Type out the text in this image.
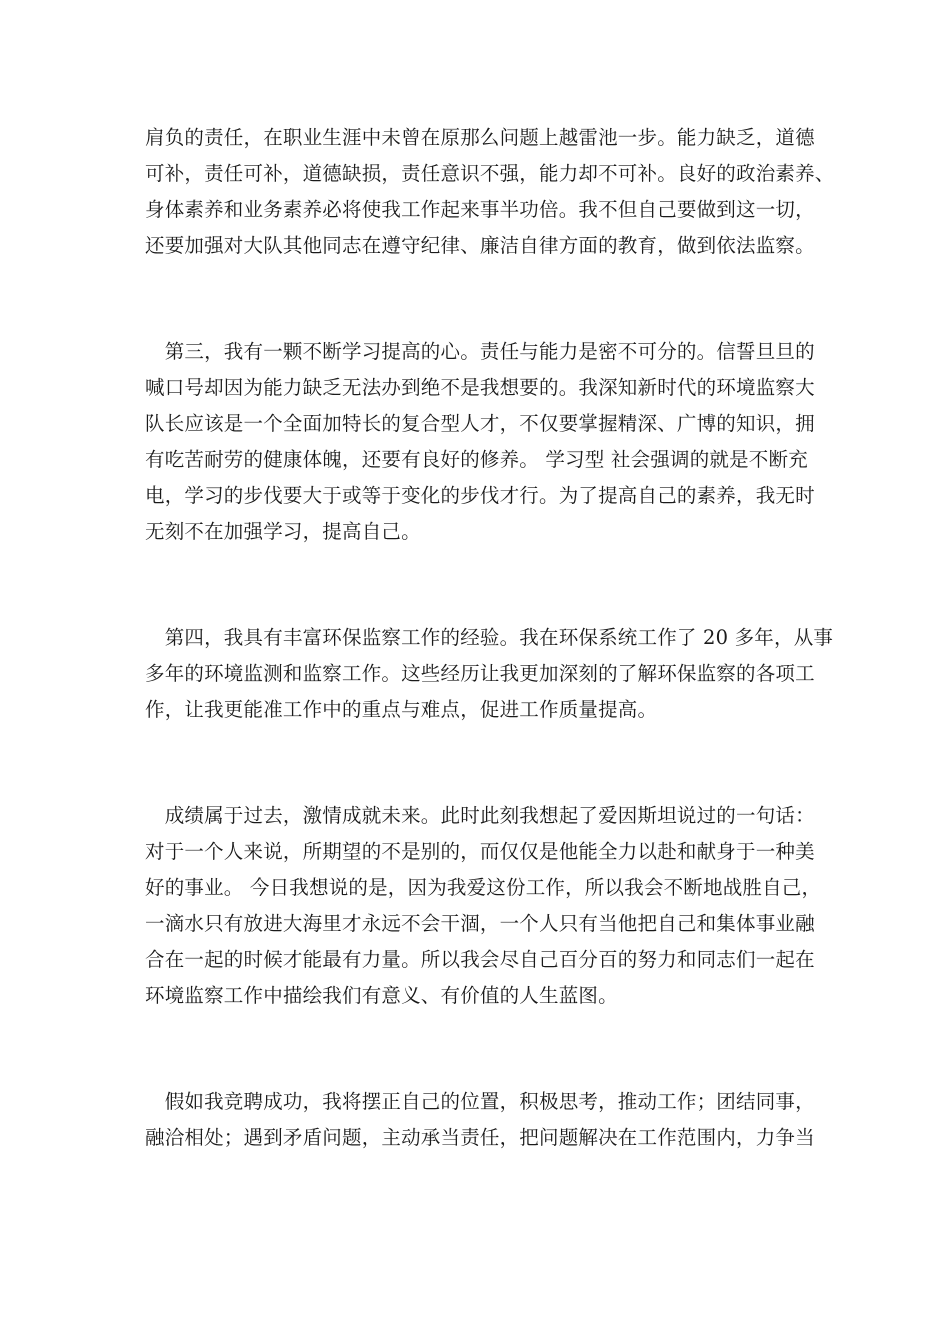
肩负的责任，在职业生涯中未曾在原那么问题上越雷池一步。能力缺乏，道德
可补，责任可补，道德缺损，责任意识不强，能力却不可补。良好的政治素养、
身体素养和业务素养必将使我工作起来事半功倍。我不但自己要做到这一切，
还要加强对大队其他同志在遵守纪律、廉洁自律方面的教育，做到依法监察。
　第三，我有一颗不断学习提高的心。责任与能力是密不可分的。信誓旦旦的
喊口号却因为能力缺乏无法办到绝不是我想要的。我深知新时代的环境监察大
队长应该是一个全面加特长的复合型人才，不仅要掌握精深、广博的知识，拥
有吃苦耐劳的健康体魄，还要有良好的修养。 学习型 社会强调的就是不断充
电，学习的步伐要大于或等于变化的步伐才行。为了提高自己的素养，我无时
无刻不在加强学习，提高自己。
　第四，我具有丰富环保监察工作的经验。我在环保系统工作了 20 多年，从事
多年的环境监测和监察工作。这些经历让我更加深刻的了解环保监察的各项工
作，让我更能准工作中的重点与难点，促进工作质量提高。
　成绩属于过去，激情成就未来。此时此刻我想起了爱因斯坦说过的一句话：
对于一个人来说，所期望的不是别的，而仅仅是他能全力以赴和献身于一种美
好的事业。 今日我想说的是，因为我爱这份工作，所以我会不断地战胜自己，
一滴水只有放进大海里才永远不会干涸，一个人只有当他把自己和集体事业融
合在一起的时候才能最有力量。所以我会尽自己百分百的努力和同志们一起在
环境监察工作中描绘我们有意义、有价值的人生蓝图。
　假如我竞聘成功，我将摆正自己的位置，积极思考，推动工作；团结同事，
融洽相处；遇到矛盾问题，主动承当责任，把问题解决在工作范围内，力争当
